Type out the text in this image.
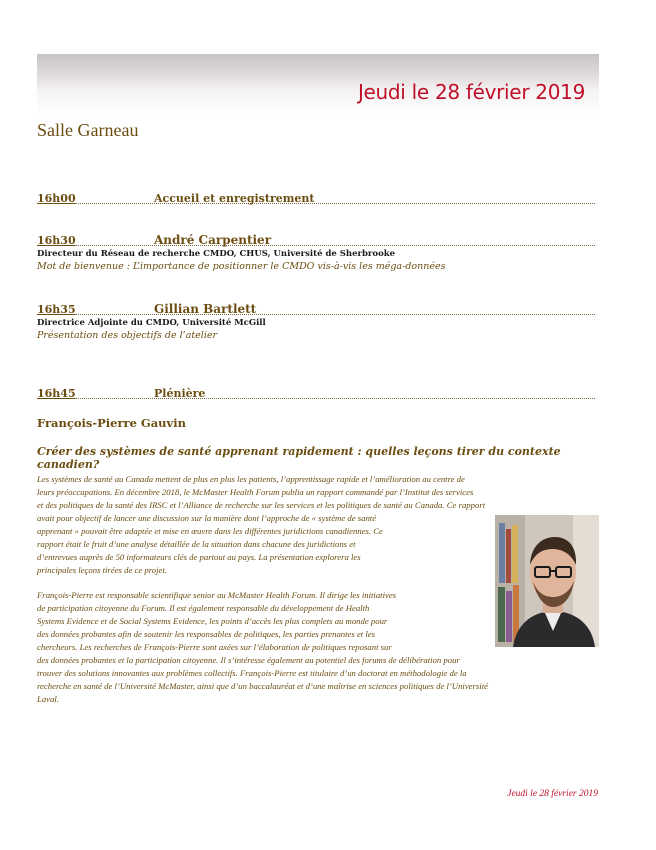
Jeudi le 28 février 2019
Salle Garneau
16h00	Accueil et enregistrement
16h30	André Carpentier
Directeur du Réseau de recherche CMDO, CHUS, Université de Sherbrooke
Mot de bienvenue : L’importance de positionner le CMDO vis-à-vis les méga-données
16h35	Gillian Bartlett
Directrice Adjointe du CMDO, Université McGill
Présentation des objectifs de l’atelier
16h45	Plénière
François-Pierre Gauvin
Créer des systèmes de santé apprenant rapidement : quelles leçons tirer du contexte canadien?
Les systèmes de santé au Canada mettent de plus en plus les patients, l’apprentissage rapide et l’amélioration au centre de
leurs préoccupations. En décembre 2018, le McMaster Health Forum publia un rapport commandé par l’Institut des services
et des politiques de la santé des IRSC et l’Alliance de recherche sur les services et les politiques de santé au Canada. Ce rapport
avait pour objectif de lancer une discussion sur la manière dont l’approche de « système de santé
apprenant » pouvait être adaptée et mise en œuvre dans les différentes juridictions canadiennes. Ce
rapport était le fruit d’une analyse détaillée de la situation dans chacune des juridictions et
d’entrevues auprès de 50 informateurs clés de partout au pays. La présentation explorera les
principales leçons tirées de ce projet.
François-Pierre est responsable scientifique senior au McMaster Health Forum. Il dirige les initiatives
de participation citoyenne du Forum. Il est également responsable du développement de Health
Systems Evidence et de Social Systems Evidence, les points d’accès les plus complets au monde pour
des données probantes afin de soutenir les responsables de politiques, les parties prenantes et les
chercheurs. Les recherches de François-Pierre sont axées sur l’élaboration de politiques reposant sur
des données probantes et la participation citoyenne. Il s’intéresse également au potentiel des forums de délibération pour
trouver des solutions innovantes aux problèmes collectifs. François-Pierre est titulaire d’un doctorat en méthodologie de la
recherche en santé de l’Université McMaster, ainsi que d’un baccalauréat et d’une maîtrise en sciences politiques de l’Université
Laval.
Jeudi le 28 février 2019
